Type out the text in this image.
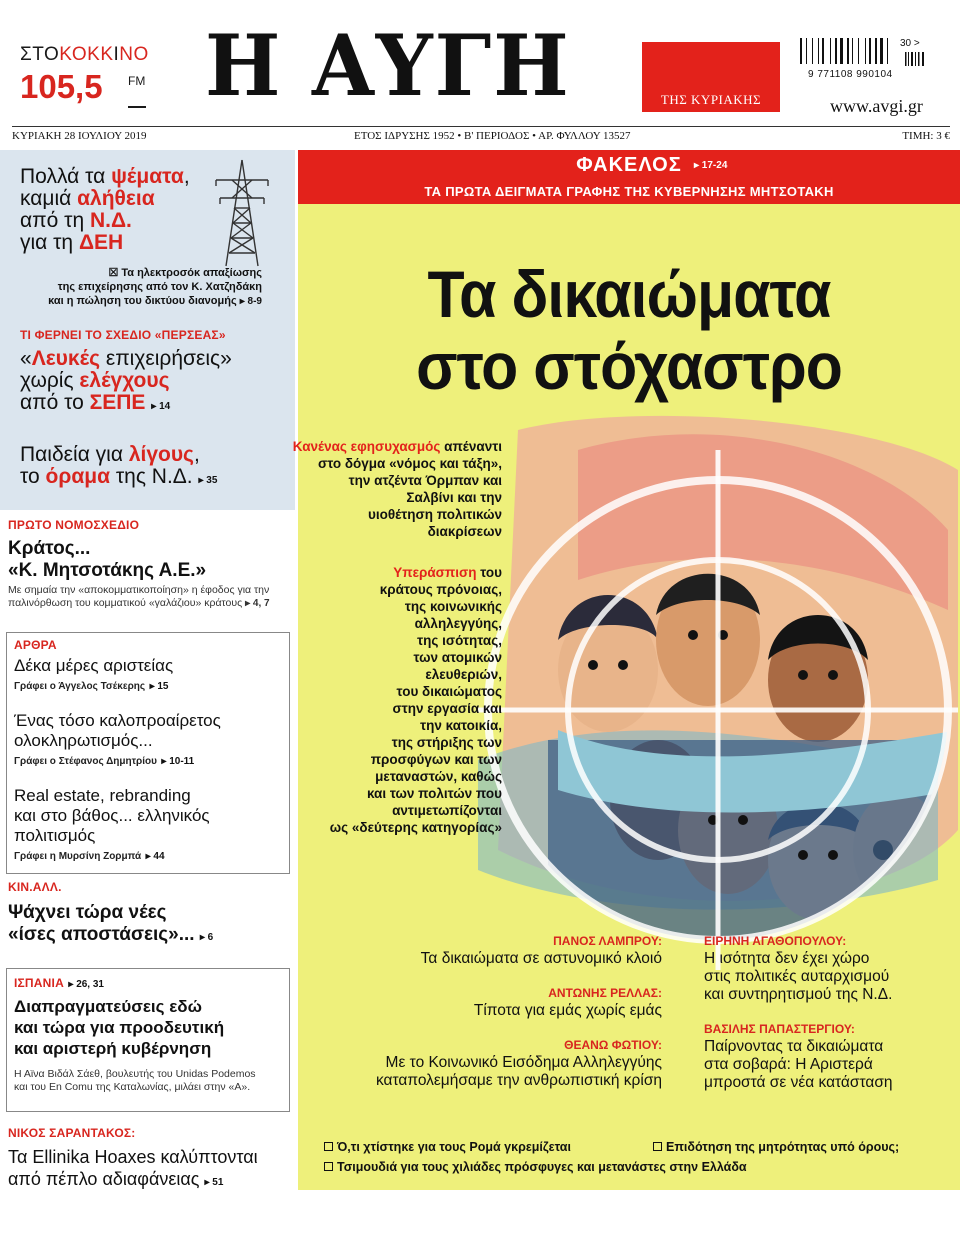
ΣΤΟΚΟΚΚΙΝΟ
105,5	FM Η ΑΥΓΗ	ΤΗΣ ΚΥΡΙΑΚΗΣ
9 771108 990104
30 >
www.avgi.gr
ΚΥΡΙΑΚΗ 28 ΙΟΥΛΙΟΥ 2019	ΕΤΟΣ ΙΔΡΥΣΗΣ 1952 • Β' ΠΕΡΙΟΔΟΣ • ΑΡ. ΦΥΛΛΟΥ 13527	ΤΙΜΗ: 3 €
Πολλά τα ψέματα,
καμιά αλήθεια
από τη Ν.Δ.
για τη ΔΕΗ
☒ Τα ηλεκτροσόκ απαξίωσης
της επιχείρησης από τον Κ. Χατζηδάκη
και η πώληση του δικτύου διανομής ▸ 8-9
ΤΙ ΦΕΡΝΕΙ ΤΟ ΣΧΕΔΙΟ «ΠΕΡΣΕΑΣ»
«Λευκές επιχειρήσεις»
χωρίς ελέγχους
από το ΣΕΠΕ ▸ 14
Παιδεία για λίγους,
το όραμα της Ν.Δ. ▸ 35
ΠΡΩΤΟ ΝΟΜΟΣΧΕΔΙΟ
Κράτος...
«Κ. Μητσοτάκης Α.Ε.»
Με σημαία την «αποκομματικοποίηση» η έφοδος για την
παλινόρθωση του κομματικού «γαλάζιου» κράτους ▸ 4, 7
ΑΡΘΡΑ
Δέκα μέρες αριστείας
Γράφει ο Άγγελος Τσέκερης ▸ 15
Ένας τόσο καλοπροαίρετος
ολοκληρωτισμός...
Γράφει ο Στέφανος Δημητρίου ▸ 10-11
Real estate, rebranding
και στο βάθος... ελληνικός
πολιτισμός
Γράφει η Μυρσίνη Ζορμπά ▸ 44
ΚΙΝ.ΑΛΛ.
Ψάχνει τώρα νέες
«ίσες αποστάσεις»... ▸ 6
ΙΣΠΑΝΙΑ ▸ 26, 31
Διαπραγματεύσεις εδώ
και τώρα για προοδευτική
και αριστερή κυβέρνηση
Η Αϊνα Βιδάλ Σάεθ, βουλευτής του Unidas Podemos
και του En Comu της Καταλωνίας, μιλάει στην «Α».
ΝΙΚΟΣ ΣΑΡΑΝΤΑΚΟΣ:
Τα Ellinika Hoaxes καλύπτονται
από πέπλο αδιαφάνειας ▸ 51
ΦΑΚΕΛΟΣ	▸ 17-24
ΤΑ ΠΡΩΤΑ ΔΕΙΓΜΑΤΑ ΓΡΑΦΗΣ ΤΗΣ ΚΥΒΕΡΝΗΣΗΣ ΜΗΤΣΟΤΑΚΗ
Τα δικαιώματα
στο στόχαστρο
Κανένας εφησυχασμός απέναντι
στο δόγμα «νόμος και τάξη»,
την ατζέντα Όρμπαν και
Σαλβίνι και την
υιοθέτηση πολιτικών
διακρίσεων
Υπεράσπιση του
κράτους πρόνοιας,
της κοινωνικής
αλληλεγγύης,
της ισότητας,
των ατομικών
ελευθεριών,
του δικαιώματος
στην εργασία και
την κατοικία,
της στήριξης των
προσφύγων και των
μεταναστών, καθώς
και των πολιτών που
αντιμετωπίζονται
ως «δεύτερης κατηγορίας»
ΠΑΝΟΣ ΛΑΜΠΡΟΥ:
Τα δικαιώματα σε αστυνομικό κλοιό
ΑΝΤΩΝΗΣ ΡΕΛΛΑΣ:
Τίποτα για εμάς χωρίς εμάς
ΘΕΑΝΩ ΦΩΤΙΟΥ:
Με το Κοινωνικό Εισόδημα Αλληλεγγύης
καταπολεμήσαμε την ανθρωπιστική κρίση
ΕΙΡΗΝΗ ΑΓΑΘΟΠΟΥΛΟΥ:
Η ισότητα δεν έχει χώρο
στις πολιτικές αυταρχισμού
και συντηρητισμού της Ν.Δ.
ΒΑΣΙΛΗΣ ΠΑΠΑΣΤΕΡΓΙΟΥ:
Παίρνοντας τα δικαιώματα
στα σοβαρά: Η Αριστερά
μπροστά σε νέα κατάσταση
Ό,τι χτίστηκε για τους Ρομά γκρεμίζεται	Επιδότηση της μητρότητας υπό όρους;
Τσιμουδιά για τους χιλιάδες πρόσφυγες και μετανάστες στην Ελλάδα
